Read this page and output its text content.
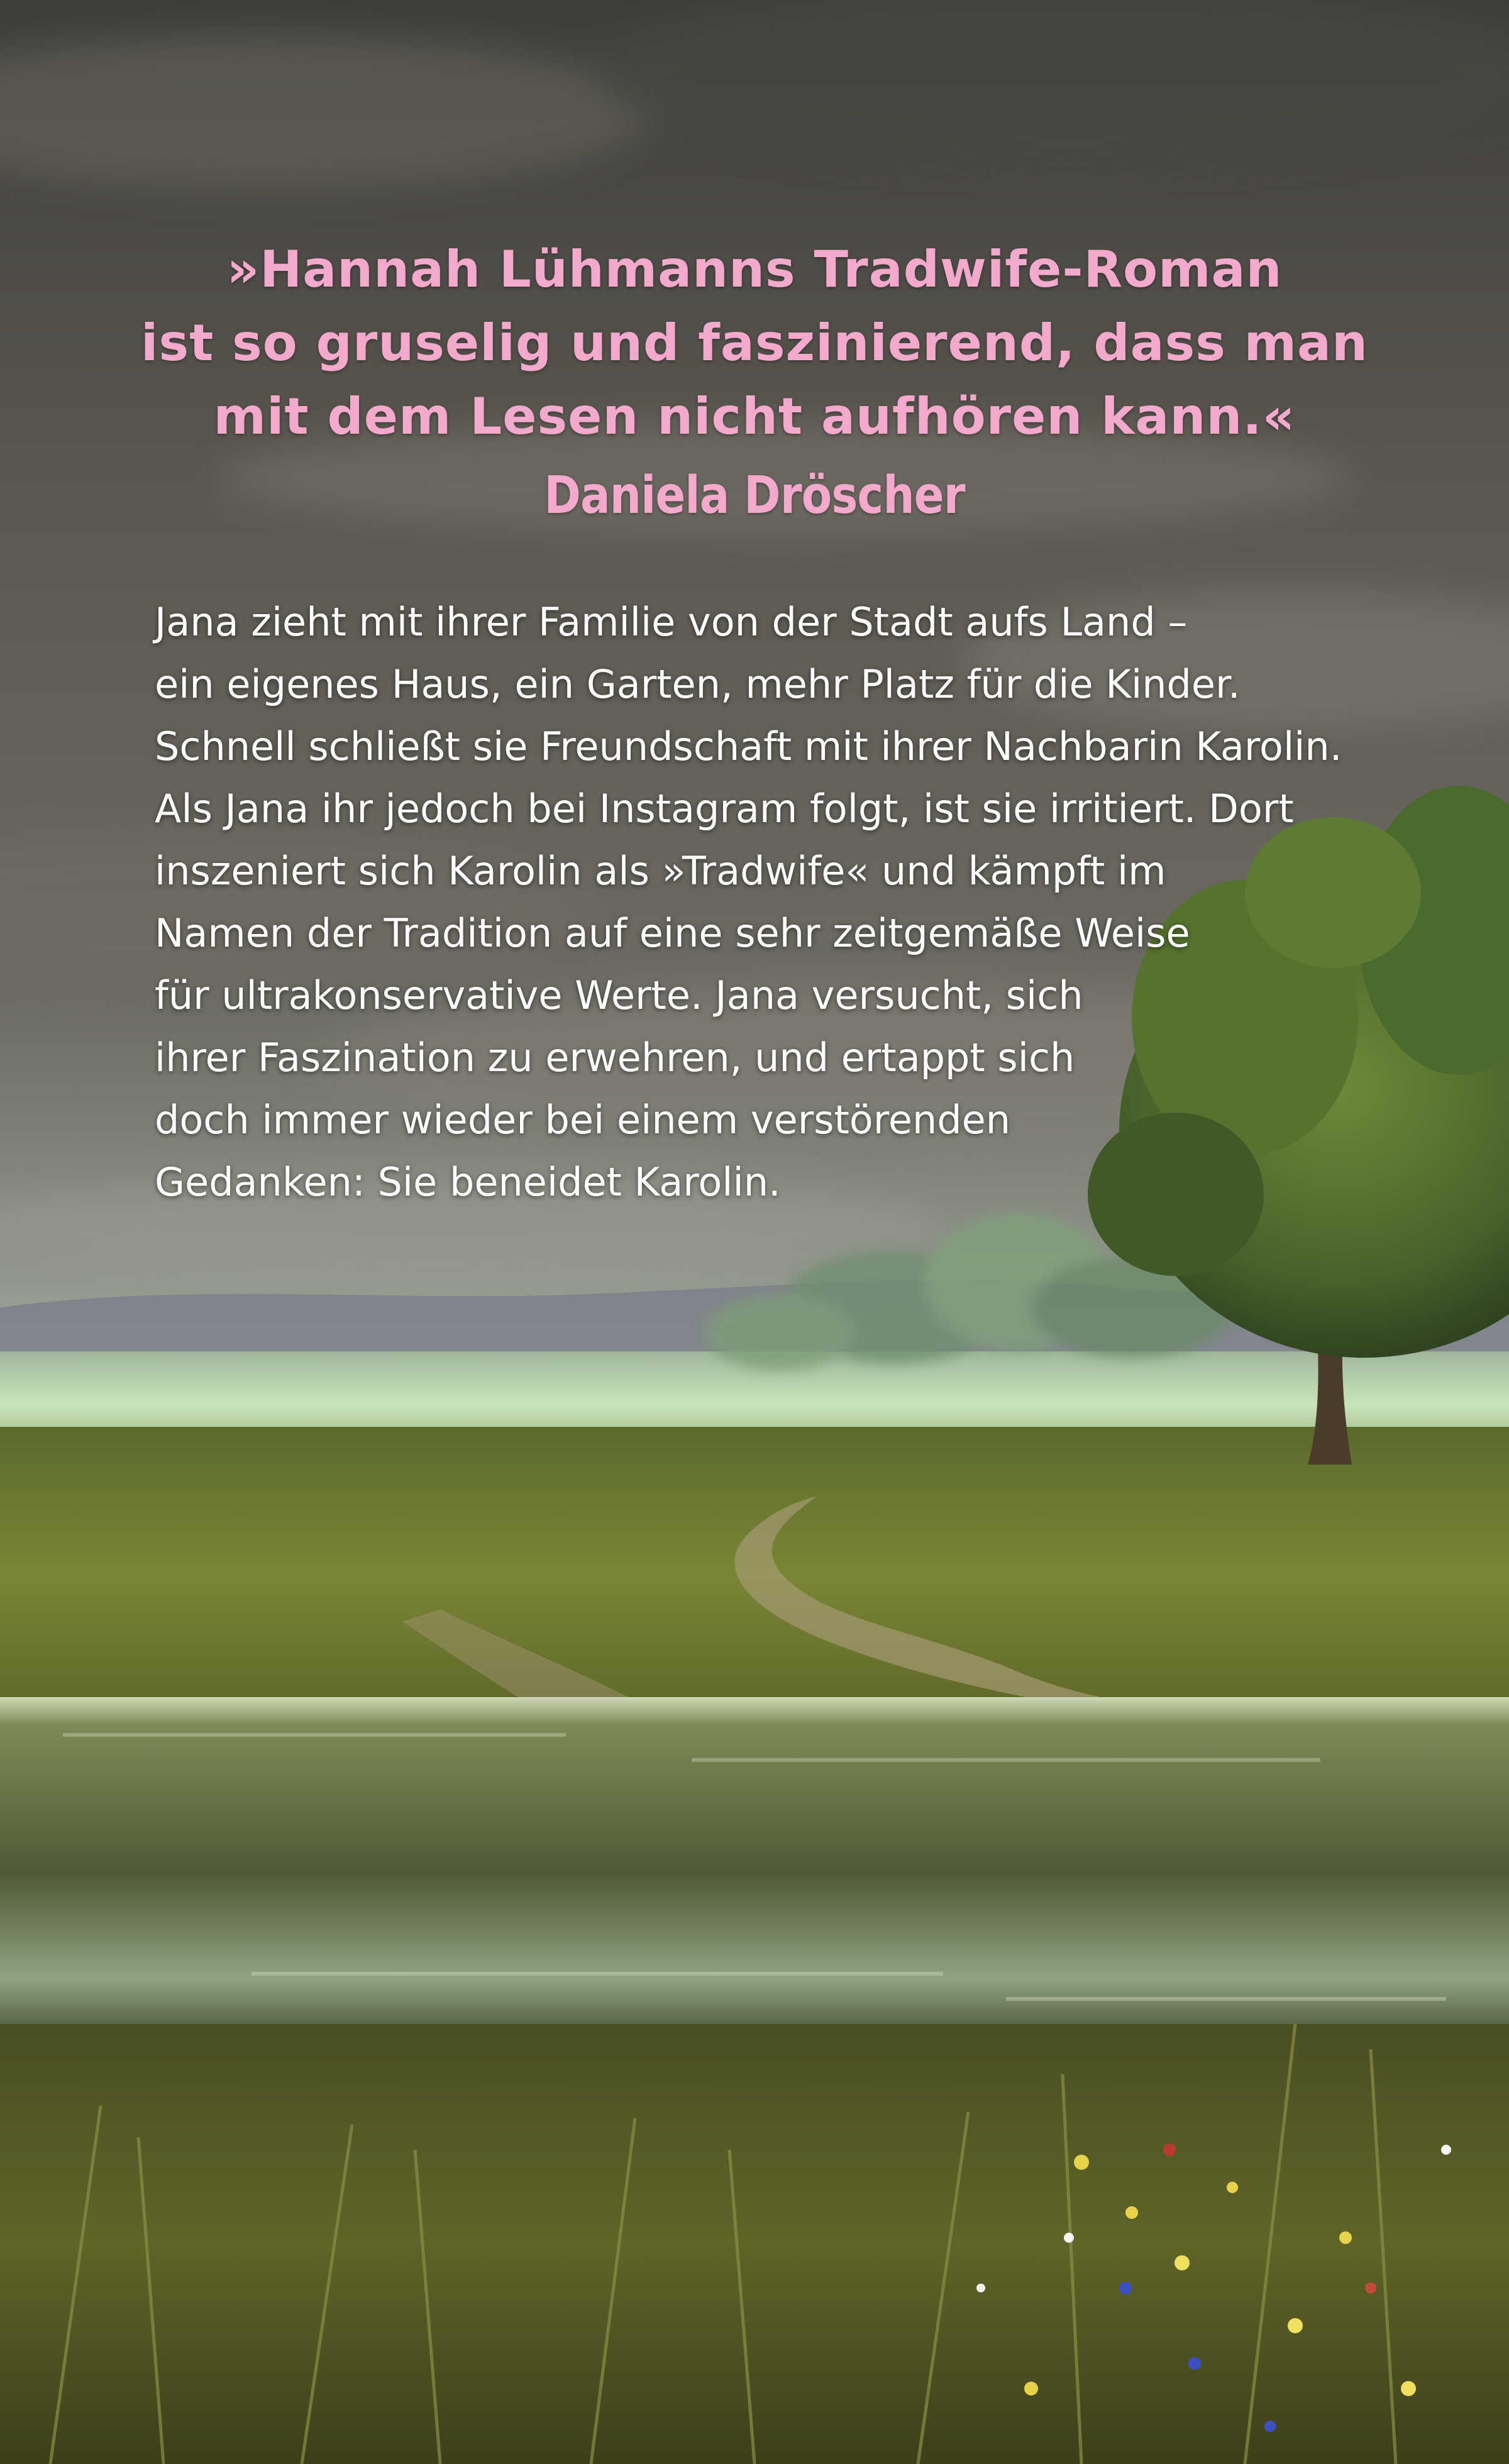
»Hannah Lühmanns Tradwife-Roman
ist so gruselig und faszinierend, dass man
mit dem Lesen nicht aufhören kann.«
Daniela Dröscher
Jana zieht mit ihrer Familie von der Stadt aufs Land –
ein eigenes Haus, ein Garten, mehr Platz für die Kinder.
Schnell schließt sie Freundschaft mit ihrer Nachbarin Karolin.
Als Jana ihr jedoch bei Instagram folgt, ist sie irritiert. Dort
inszeniert sich Karolin als »Tradwife« und kämpft im
Namen der Tradition auf eine sehr zeitgemäße Weise
für ultrakonservative Werte. Jana versucht, sich
ihrer Faszination zu erwehren, und ertappt sich
doch immer wieder bei einem verstörenden
Gedanken: Sie beneidet Karolin.
